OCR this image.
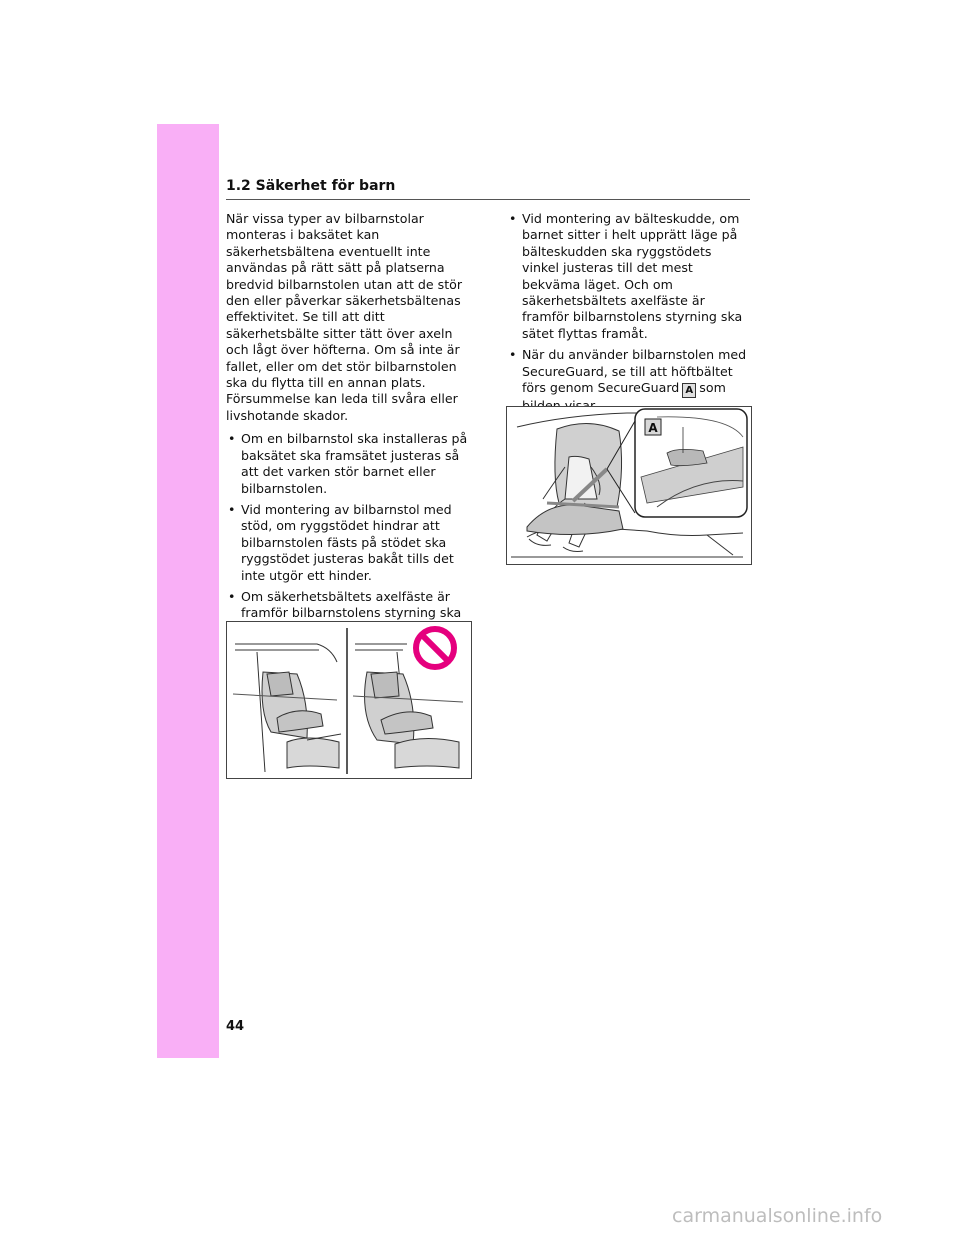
1.2 Säkerhet för barn

När vissa typer av bilbarnstolar monteras i baksätet kan säkerhetsbältena eventuellt inte användas på rätt sätt på platserna bredvid bilbarnstolen utan att de stör den eller påverkar säkerhetsbältenas effektivitet. Se till att ditt säkerhetsbälte sitter tätt över axeln och lågt över höfterna. Om så inte är fallet, eller om det stör bilbarnstolen ska du flytta till en annan plats. Försummelse kan leda till svåra eller livshotande skador.

• Om en bilbarnstol ska installeras på baksätet ska framsätet justeras så att det varken stör barnet eller bilbarnstolen.
• Vid montering av bilbarnstol med stöd, om ryggstödet hindrar att bilbarnstolen fästs på stödet ska ryggstödet justeras bakåt tills det inte utgör ett hinder.
• Om säkerhetsbältets axelfäste är framför bilbarnstolens styrning ska
• Vid montering av bälteskudde, om barnet sitter i helt upprätt läge på bälteskudden ska ryggstödets vinkel justeras till det mest bekväma läget. Och om säkerhetsbältets axelfäste är framför bilbarnstolens styrning ska sätet flyttas framåt.
• När du använder bilbarnstolen med SecureGuard, se till att höftbältet förs genom SecureGuard A som
A
44
carmanualsonline.info
